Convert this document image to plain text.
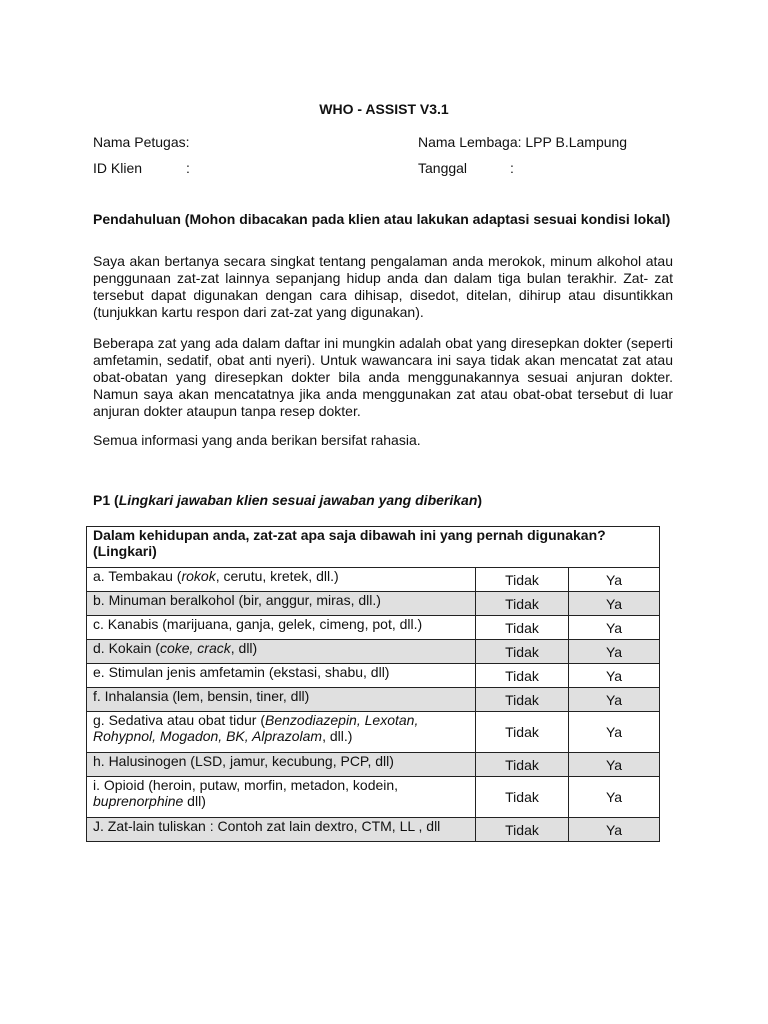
WHO - ASSIST V3.1
Nama Petugas:	Nama Lembaga: LPP B.Lampung
ID Klien	:	Tanggal	:
Pendahuluan (Mohon dibacakan pada klien atau lakukan adaptasi sesuai kondisi lokal)

Saya akan bertanya secara singkat tentang pengalaman anda merokok, minum alkohol atau penggunaan zat-zat lainnya sepanjang hidup anda dan dalam tiga bulan terakhir. Zat- zat tersebut dapat digunakan dengan cara dihisap, disedot, ditelan, dihirup atau disuntikkan (tunjukkan kartu respon dari zat-zat yang digunakan).

Beberapa zat yang ada dalam daftar ini mungkin adalah obat yang diresepkan dokter (seperti amfetamin, sedatif, obat anti nyeri). Untuk wawancara ini saya tidak akan mencatat zat atau obat-obatan yang diresepkan dokter bila anda menggunakannya sesuai anjuran dokter. Namun saya akan mencatatnya jika anda menggunakan zat atau obat-obat tersebut di luar anjuran dokter ataupun tanpa resep dokter.

Semua informasi yang anda berikan bersifat rahasia.

P1 (Lingkari jawaban klien sesuai jawaban yang diberikan)
Dalam kehidupan anda, zat-zat apa saja dibawah ini yang pernah digunakan? (Lingkari)		
a. Tembakau (rokok, cerutu, kretek, dll.)	Tidak	Ya
b. Minuman beralkohol (bir, anggur, miras, dll.)	Tidak	Ya
c. Kanabis (marijuana, ganja, gelek, cimeng, pot, dll.)	Tidak	Ya
d. Kokain (coke, crack, dll)	Tidak	Ya
e. Stimulan jenis amfetamin (ekstasi, shabu, dll)	Tidak	Ya
f. Inhalansia (lem, bensin, tiner, dll)	Tidak	Ya
g. Sedativa atau obat tidur (Benzodiazepin, Lexotan, Rohypnol, Mogadon, BK, Alprazolam, dll.)	Tidak	Ya
h. Halusinogen (LSD, jamur, kecubung, PCP, dll)	Tidak	Ya
i. Opioid (heroin, putaw, morfin, metadon, kodein, buprenorphine dll)	Tidak	Ya
J. Zat-lain tuliskan : Contoh zat lain dextro, CTM, LL , dll	Tidak	Ya
